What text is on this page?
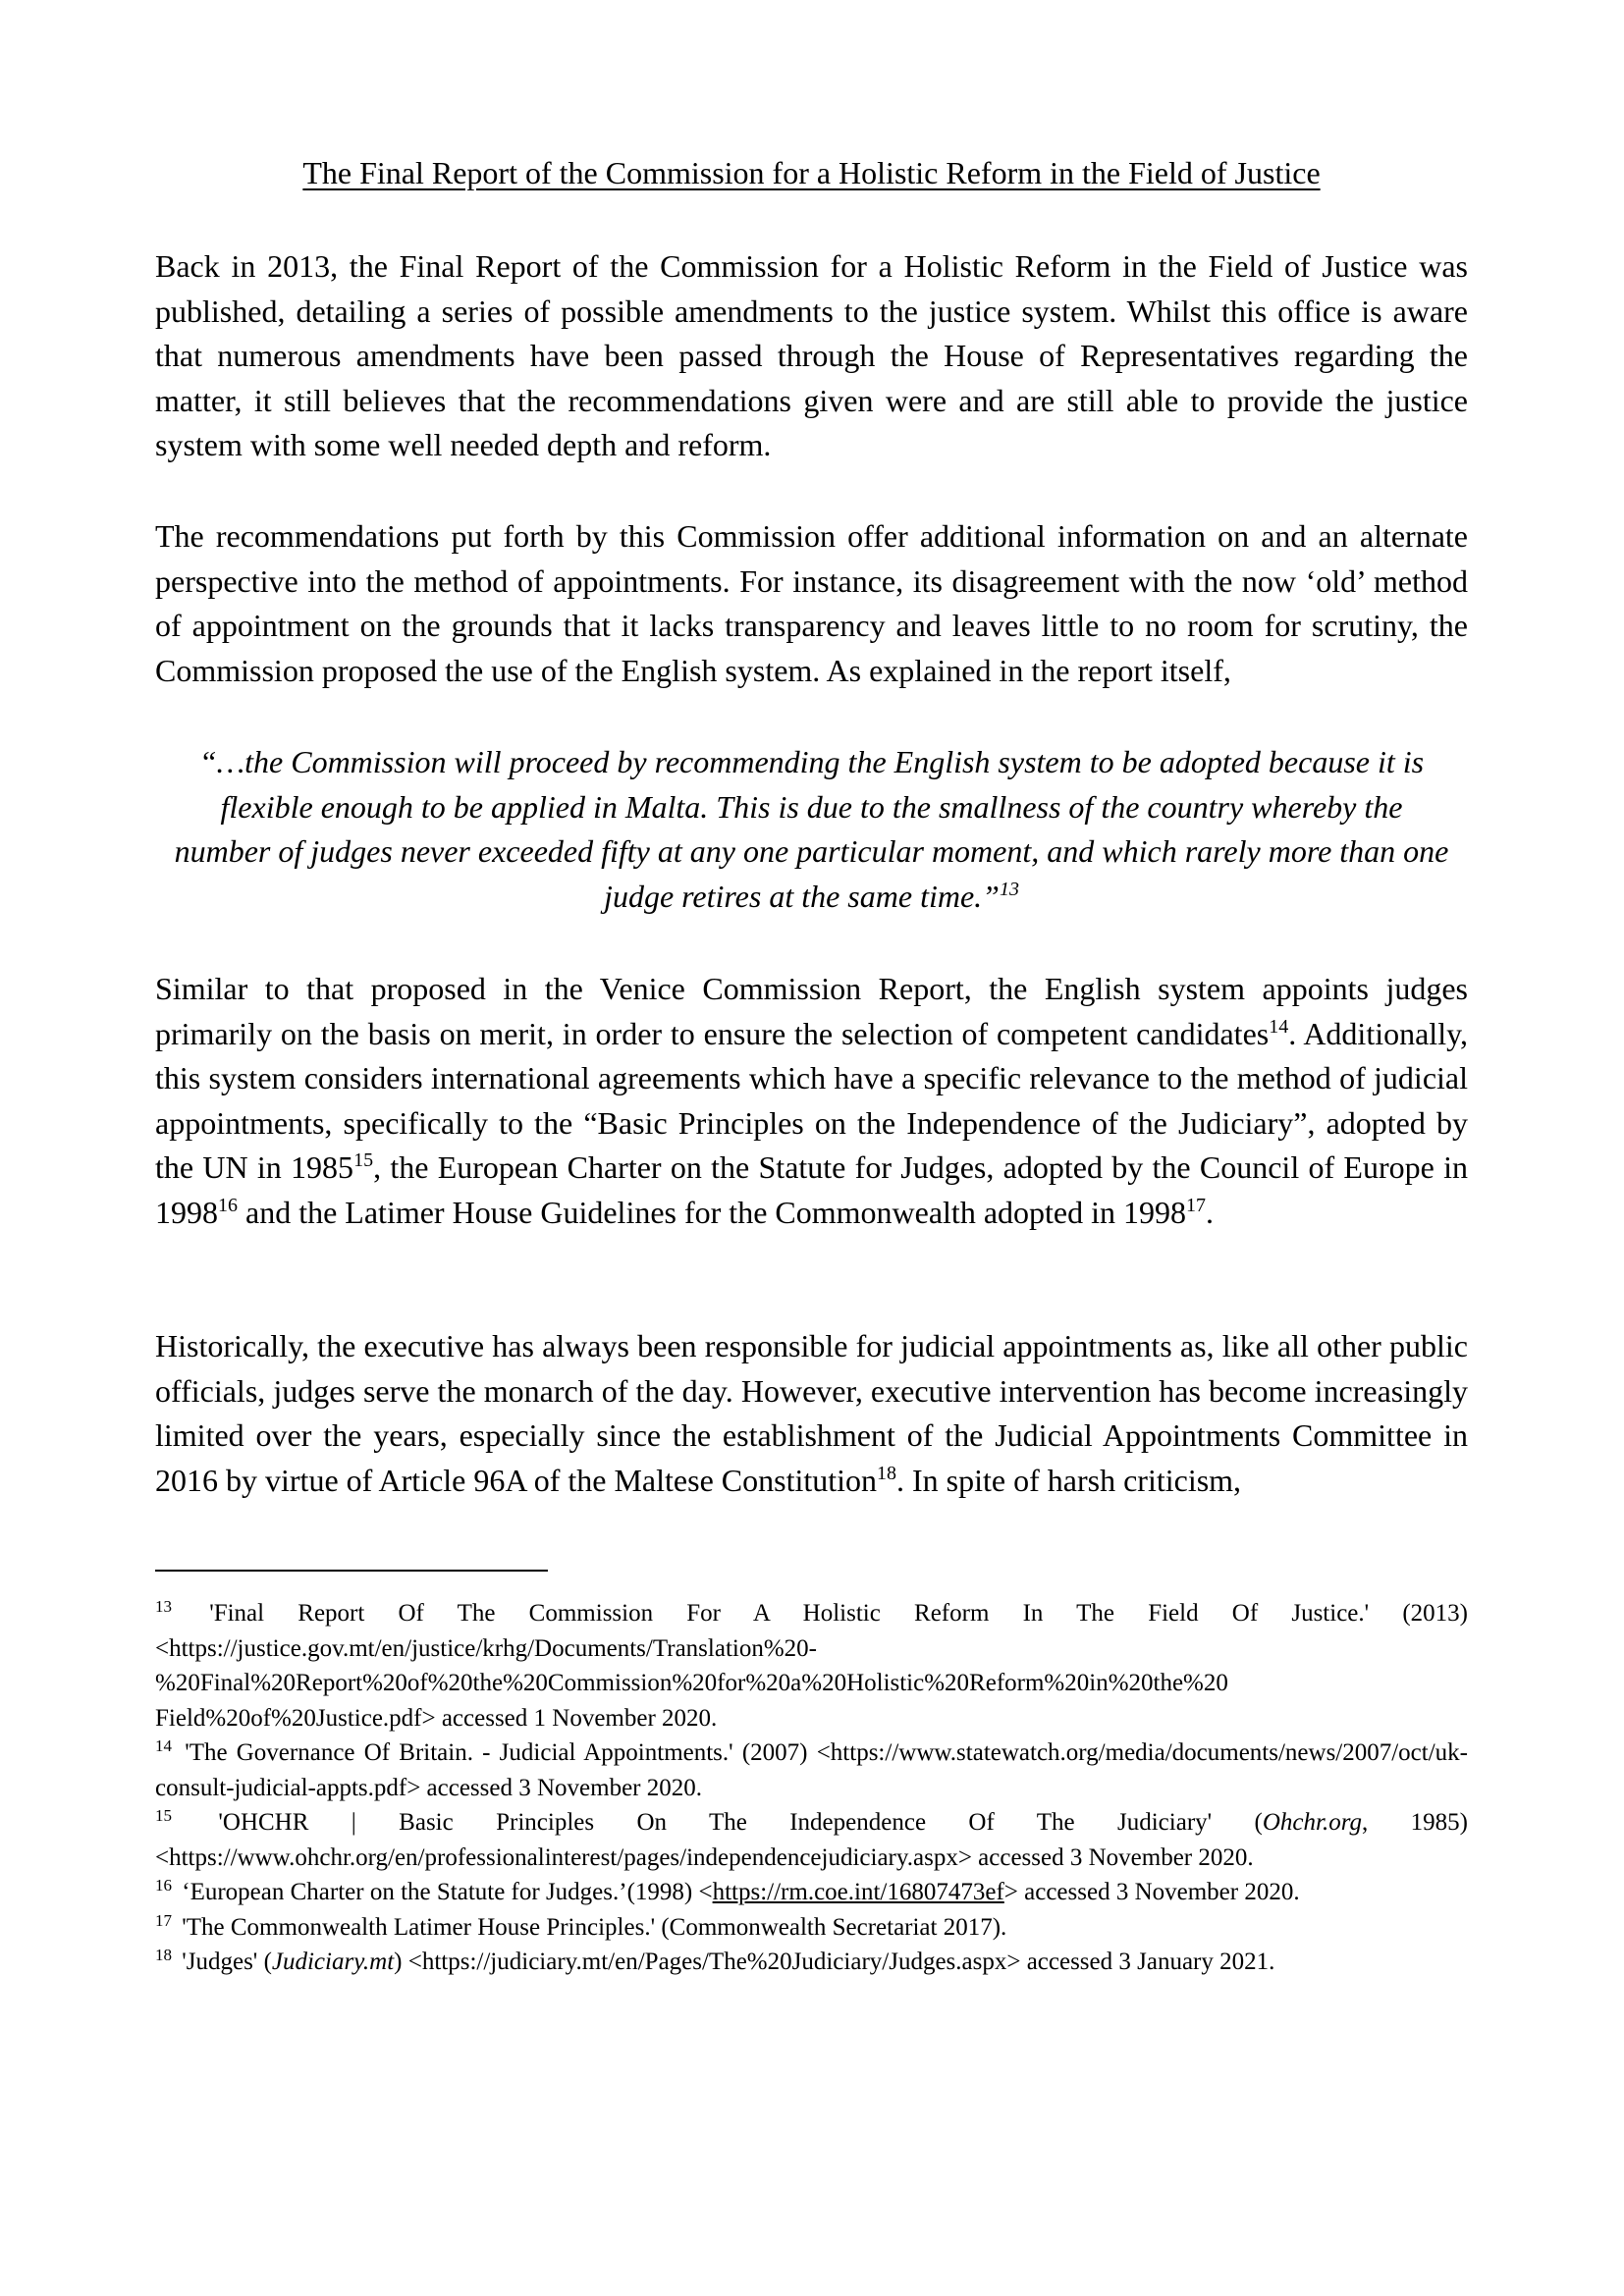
The Final Report of the Commission for a Holistic Reform in the Field of Justice

Back in 2013, the Final Report of the Commission for a Holistic Reform in the Field of Justice was published, detailing a series of possible amendments to the justice system. Whilst this office is aware that numerous amendments have been passed through the House of Representatives regarding the matter, it still believes that the recommendations given were and are still able to provide the justice system with some well needed depth and reform.

The recommendations put forth by this Commission offer additional information on and an alternate perspective into the method of appointments. For instance, its disagreement with the now ‘old’ method of appointment on the grounds that it lacks transparency and leaves little to no room for scrutiny, the Commission proposed the use of the English system. As explained in the report itself,

“…the Commission will proceed by recommending the English system to be adopted because it is flexible enough to be applied in Malta. This is due to the smallness of the country whereby the number of judges never exceeded fifty at any one particular moment, and which rarely more than one judge retires at the same time.”$^{13}$

Similar to that proposed in the Venice Commission Report, the English system appoints judges primarily on the basis on merit, in order to ensure the selection of competent candidates$^{14}$. Additionally, this system considers international agreements which have a specific relevance to the method of judicial appointments, specifically to the “Basic Principles on the Independence of the Judiciary”, adopted by the UN in 1985$^{15}$, the European Charter on the Statute for Judges, adopted by the Council of Europe in 1998$^{16}$ and the Latimer House Guidelines for the Commonwealth adopted in 1998$^{17}$.

Historically, the executive has always been responsible for judicial appointments as, like all other public officials, judges serve the monarch of the day. However, executive intervention has become increasingly limited over the years, especially since the establishment of the Judicial Appointments Committee in 2016 by virtue of Article 96A of the Maltese Constitution$^{18}$. In spite of harsh criticism,

$^{13}$ 'Final Report Of The Commission For A Holistic Reform In The Field Of Justice.' (2013) <https://justice.gov.mt/en/justice/krhg/Documents/Translation%20- %20Final%20Report%20of%20the%20Commission%20for%20a%20Holistic%20Reform%20in%20the%20 Field%20of%20Justice.pdf> accessed 1 November 2020.

$^{14}$ 'The Governance Of Britain. - Judicial Appointments.' (2007) <https://www.statewatch.org/media/documents/news/2007/oct/uk-consult-judicial-appts.pdf> accessed 3 November 2020.

$^{15}$ 'OHCHR | Basic Principles On The Independence Of The Judiciary' (Ohchr.org, 1985) <https://www.ohchr.org/en/professionalinterest/pages/independencejudiciary.aspx> accessed 3 November 2020.

$^{16}$ ‘European Charter on the Statute for Judges.’(1998) <https://rm.coe.int/16807473ef> accessed 3 November 2020.

$^{17}$ 'The Commonwealth Latimer House Principles.' (Commonwealth Secretariat 2017).

$^{18}$ 'Judges' (Judiciary.mt) <https://judiciary.mt/en/Pages/The%20Judiciary/Judges.aspx> accessed 3 January 2021.
